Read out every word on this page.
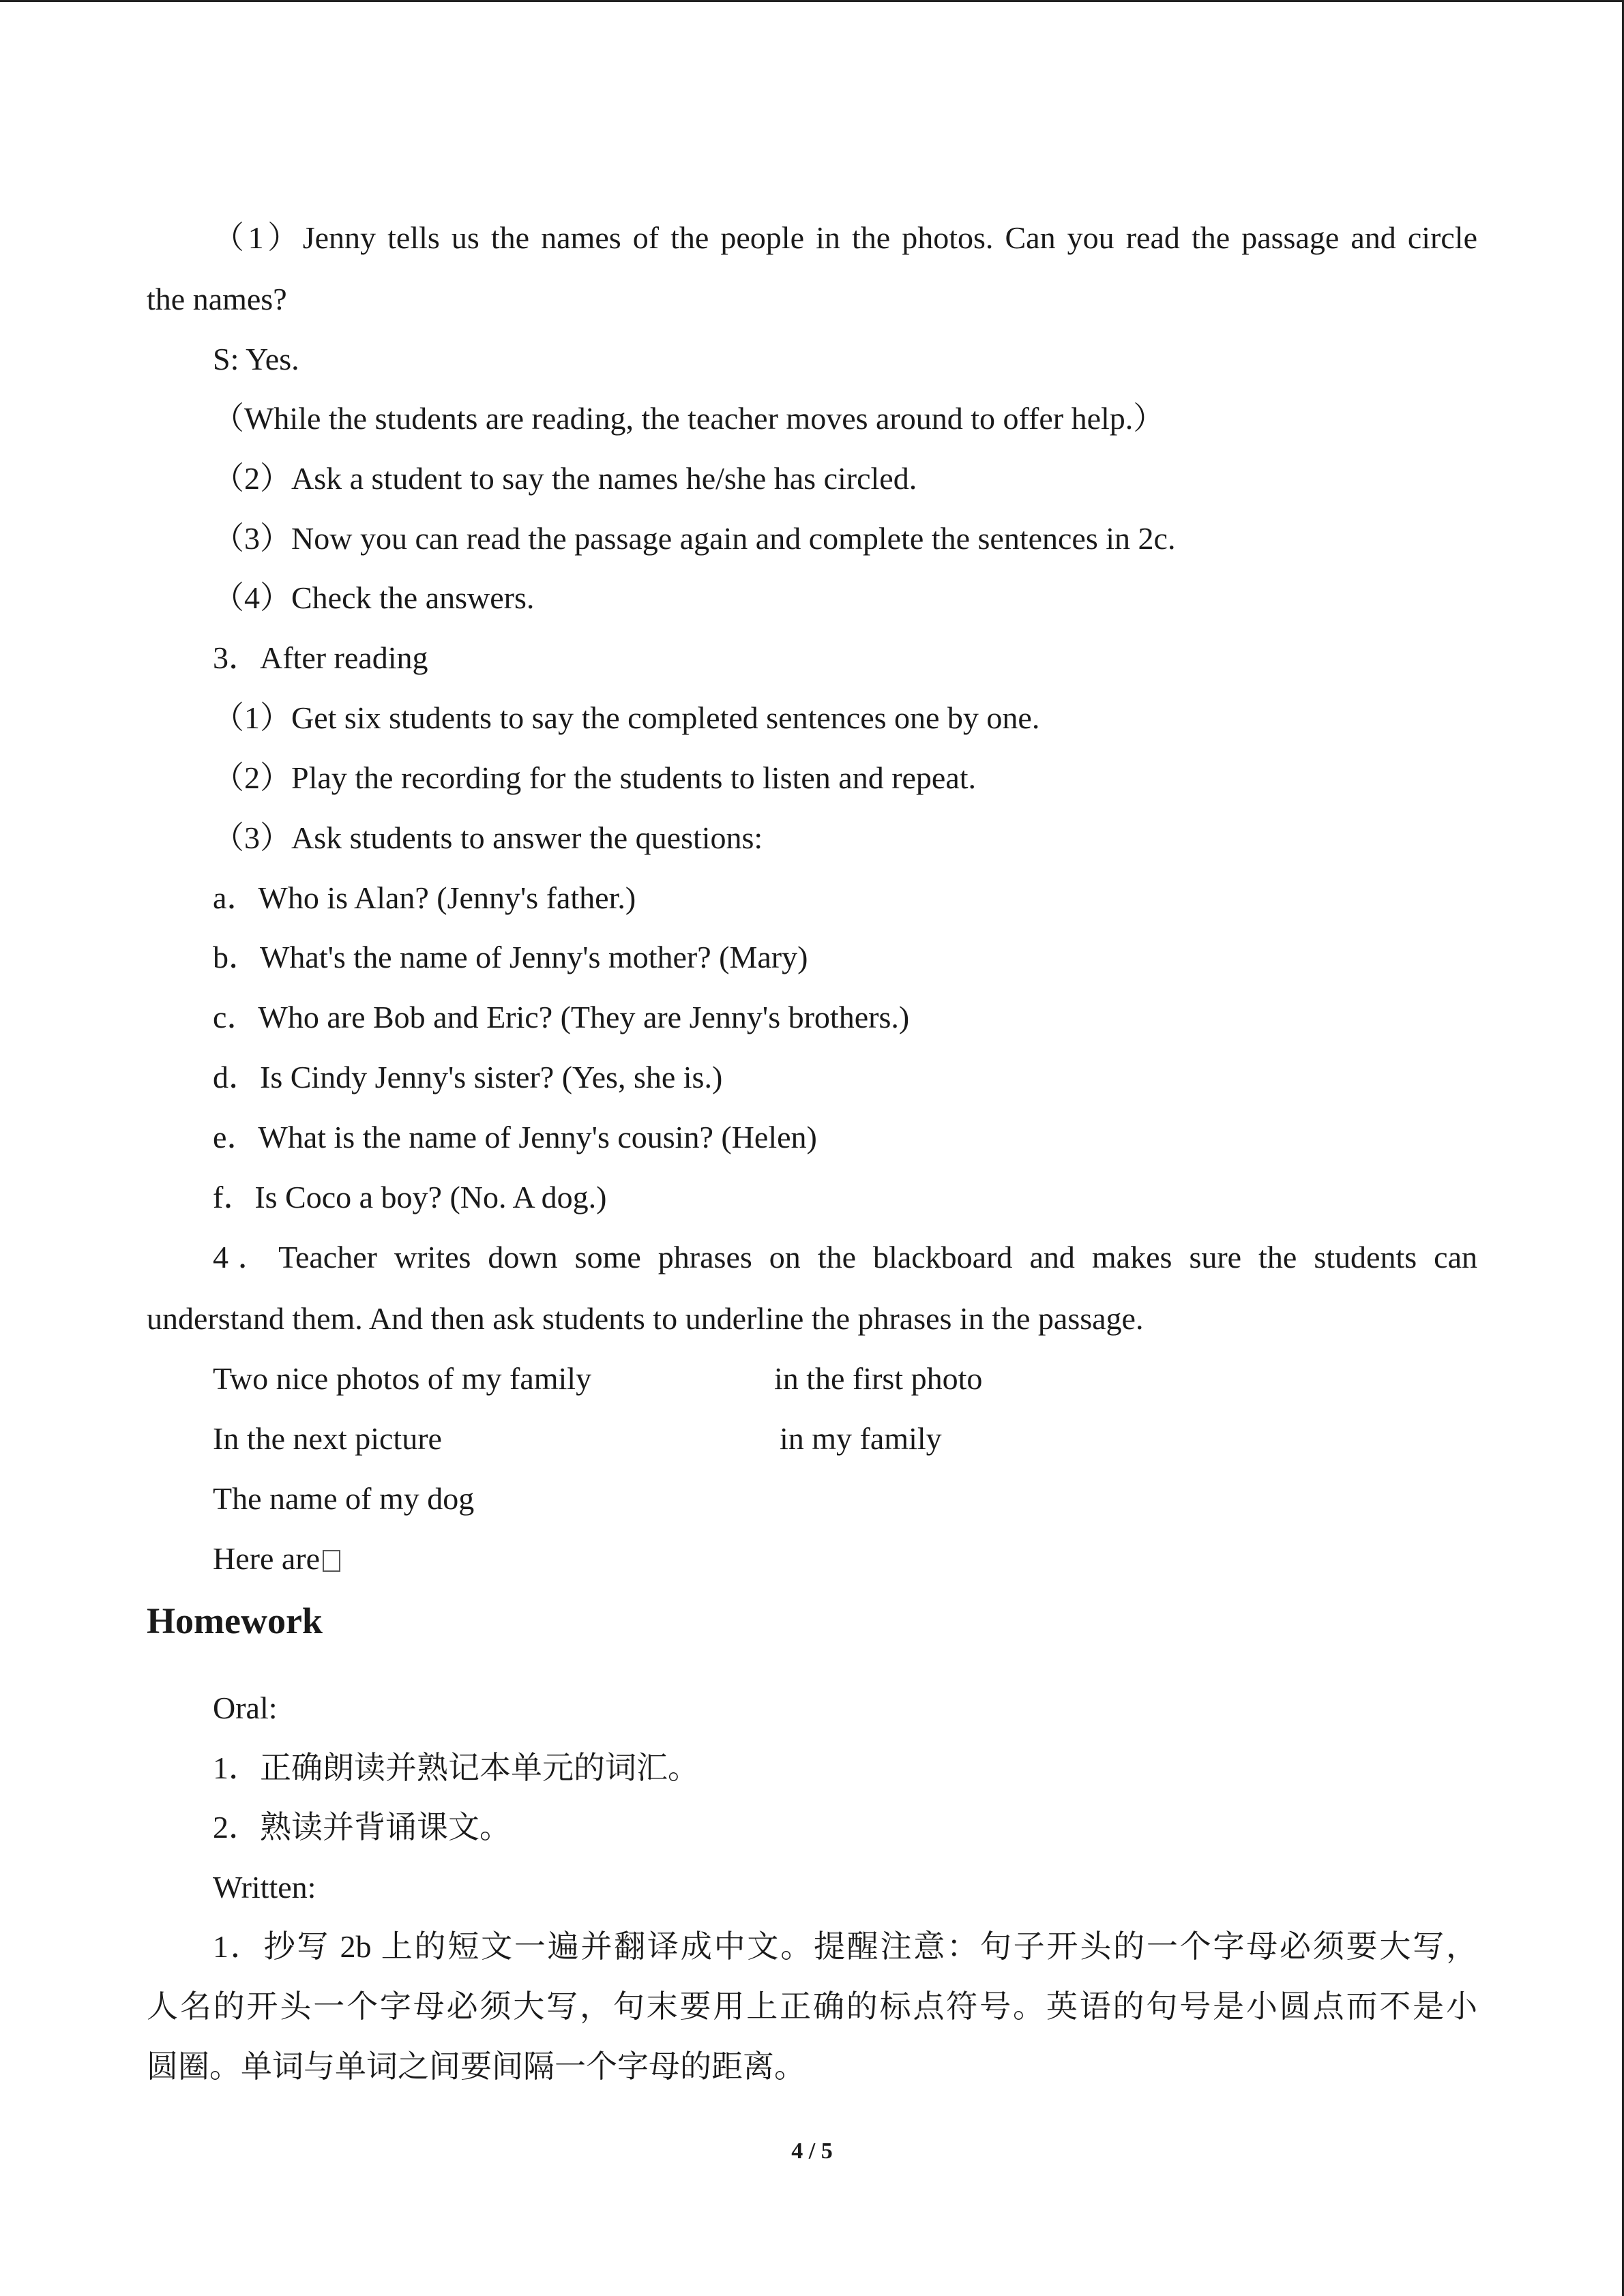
（1）Jenny tells us the names of the people in the photos. Can you read the passage and circle

the names?

S: Yes.

（While the students are reading, the teacher moves around to offer help.）

（2）Ask a student to say the names he/she has circled.

（3）Now you can read the passage again and complete the sentences in 2c.

（4）Check the answers.

3．After reading

（1）Get six students to say the completed sentences one by one.

（2）Play the recording for the students to listen and repeat.

（3）Ask students to answer the questions:

a．Who is Alan? (Jenny's father.)

b．What's the name of Jenny's mother? (Mary)

c．Who are Bob and Eric? (They are Jenny's brothers.)

d．Is Cindy Jenny's sister? (Yes, she is.)

e．What is the name of Jenny's cousin? (Helen)

f．Is Coco a boy? (No. A dog.)

4．Teacher writes down some phrases on the blackboard and makes sure the students can

understand them. And then ask students to underline the phrases in the passage.

Two nice photos of my family	in the first photo

In the next picture	in my family

The name of my dog

Here are

Homework

Oral:

1．正确朗读并熟记本单元的词汇。

2．熟读并背诵课文。

Written:

1．抄写 2b 上的短文一遍并翻译成中文。提醒注意：句子开头的一个字母必须要大写，

人名的开头一个字母必须大写，句末要用上正确的标点符号。英语的句号是小圆点而不是小

圆圈。单词与单词之间要间隔一个字母的距离。

4 / 5
